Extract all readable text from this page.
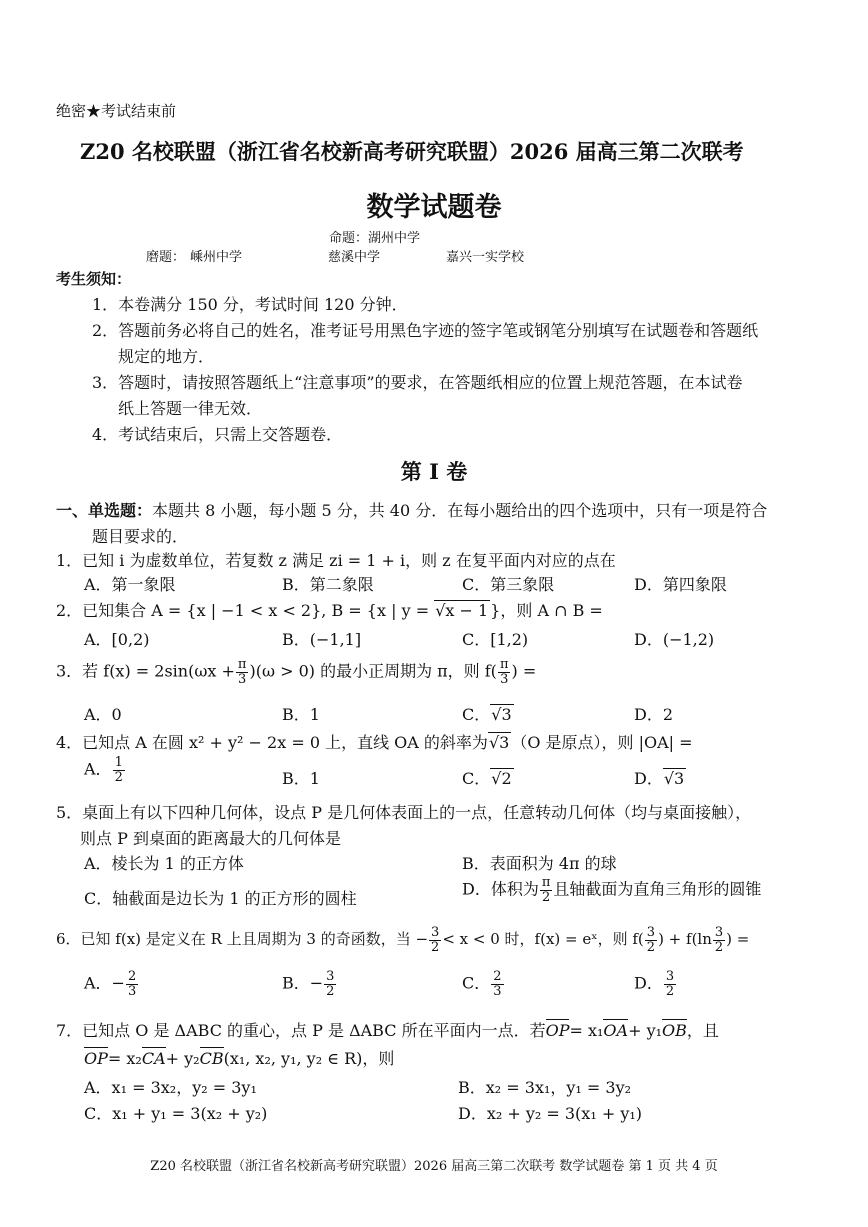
绝密★考试结束前
Z20 名校联盟（浙江省名校新高考研究联盟）2026 届高三第二次联考
数学试题卷
命题：湖州中学
磨题： 嵊州中学	慈溪中学	嘉兴一实学校
考生须知：
1．本卷满分 150 分，考试时间 120 分钟．
2．答题前务必将自己的姓名，准考证号用黑色字迹的签字笔或钢笔分别填写在试题卷和答题纸
规定的地方．
3．答题时，请按照答题纸上“注意事项”的要求，在答题纸相应的位置上规范答题，在本试卷
纸上答题一律无效．
4．考试结束后，只需上交答题卷．
第 I 卷
一、单选题：本题共 8 小题，每小题 5 分，共 40 分．在每小题给出的四个选项中，只有一项是符合
题目要求的．
1．已知 i 为虚数单位，若复数 z 满足 zi = 1 + i，则 z 在复平面内对应的点在
A．第一象限	B．第二象限	C．第三象限	D．第四象限
2．已知集合 A = {x | −1 < x < 2}, B = {x | y = √x − 1 }，则 A ∩ B =
A．[0,2)	B．(−1,1]	C．[1,2)	D．(−1,2)
3．若 $f(x) = 2\sin(\omega x + \frac{\pi}{3} )(\omega > 0)$ 的最小正周期为 π，则 $f( \frac{\pi}{3}$ ) =
A．0	B．1	C．√3	D．2
4．已知点 A 在圆 x² + y² − 2x = 0 上，直线 OA 的斜率为√3 （O 是原点），则 |OA| =
A． $\frac{1}{2}$	B．1	C．√2	D．√3
5．桌面上有以下四种几何体，设点 P 是几何体表面上的一点，任意转动几何体（均与桌面接触），
则点 P 到桌面的距离最大的几何体是
A．棱长为 1 的正方体	B．表面积为 4π 的球
C．轴截面是边长为 1 的正方形的圆柱	D．体积为 $\frac{\pi}{2}$ 且轴截面为直角三角形的圆锥
6．已知 f(x) 是定义在 R 上且周期为 3 的奇函数，当 − $\frac{3}{2} < x < 0$ 时，f(x) = eˣ，则 $f( \frac{3}{2}$ ) + $f(\ln \frac{3}{2}$ ) =
A．− $\frac{2}{3}$	B．− $\frac{3}{2}$	C． $\frac{2}{3}$	D． $\frac{3}{2}$
7．已知点 O 是 ΔABC 的重心，点 P 是 ΔABC 所在平面内一点．若OP= x₁OA+ y₁OB，且
OP= x₂CA+ y₂CB(x₁, x₂, y₁, y₂ ∈ R)，则
A．x₁ = 3x₂，y₂ = 3y₁	B．x₂ = 3x₁，y₁ = 3y₂
C．x₁ + y₁ = 3(x₂ + y₂)	D．x₂ + y₂ = 3(x₁ + y₁)
Z20 名校联盟（浙江省名校新高考研究联盟）2026 届高三第二次联考 数学试题卷 第 1 页 共 4 页
